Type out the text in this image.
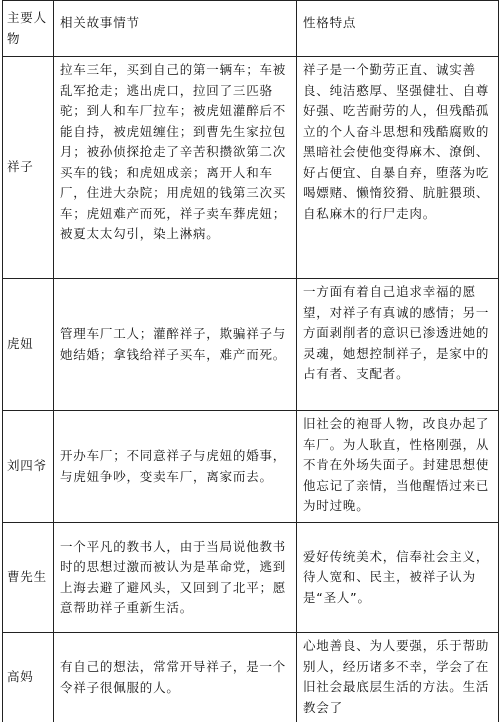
主要人物	相关故事情节	性格特点
祥子	拉车三年，买到自己的第一辆车；车被乱军抢走；逃出虎口，拉回了三匹骆驼；到人和车厂拉车；被虎妞灌醉后不能自持，被虎妞缠住；到曹先生家拉包月；被孙侦探抢走了辛苦积攒欲第二次买车的钱；和虎妞成亲；离开人和车厂，住进大杂院；用虎妞的钱第三次买车；虎妞难产而死，祥子卖车葬虎妞；被夏太太勾引，染上淋病。	祥子是一个勤劳正直、诚实善良、纯洁憨厚、坚强健壮、自尊好强、吃苦耐劳的人，但残酷孤立的个人奋斗思想和残酷腐败的黑暗社会使他变得麻木、潦倒、好占便宜、自暴自弃，堕落为吃喝嫖赌、懒惰狡猾、肮脏猥琐、自私麻木的行尸走肉。
虎妞	管理车厂工人；灌醉祥子，欺骗祥子与她结婚；拿钱给祥子买车，难产而死。	一方面有着自己追求幸福的愿望，对祥子有真诚的感情；另一方面剥削者的意识已渗透进她的灵魂，她想控制祥子，是家中的占有者、支配者。
刘四爷	开办车厂；不同意祥子与虎妞的婚事，与虎妞争吵，变卖车厂，离家而去。	旧社会的袍哥人物，改良办起了车厂。为人耿直，性格刚强，从不肯在外场失面子。封建思想使他忘记了亲情，当他醒悟过来已为时过晚。
曹先生	一个平凡的教书人，由于当局说他教书时的思想过激而被认为是革命党，逃到上海去避了避风头，又回到了北平；愿意帮助祥子重新生活。	爱好传统美术，信奉社会主义，待人宽和、民主，被祥子认为是“圣人”。
高妈	有自己的想法，常常开导祥子，是一个令祥子很佩服的人。	心地善良、为人要强，乐于帮助别人，经历诸多不幸，学会了在旧社会最底层生活的方法。生活教会了
